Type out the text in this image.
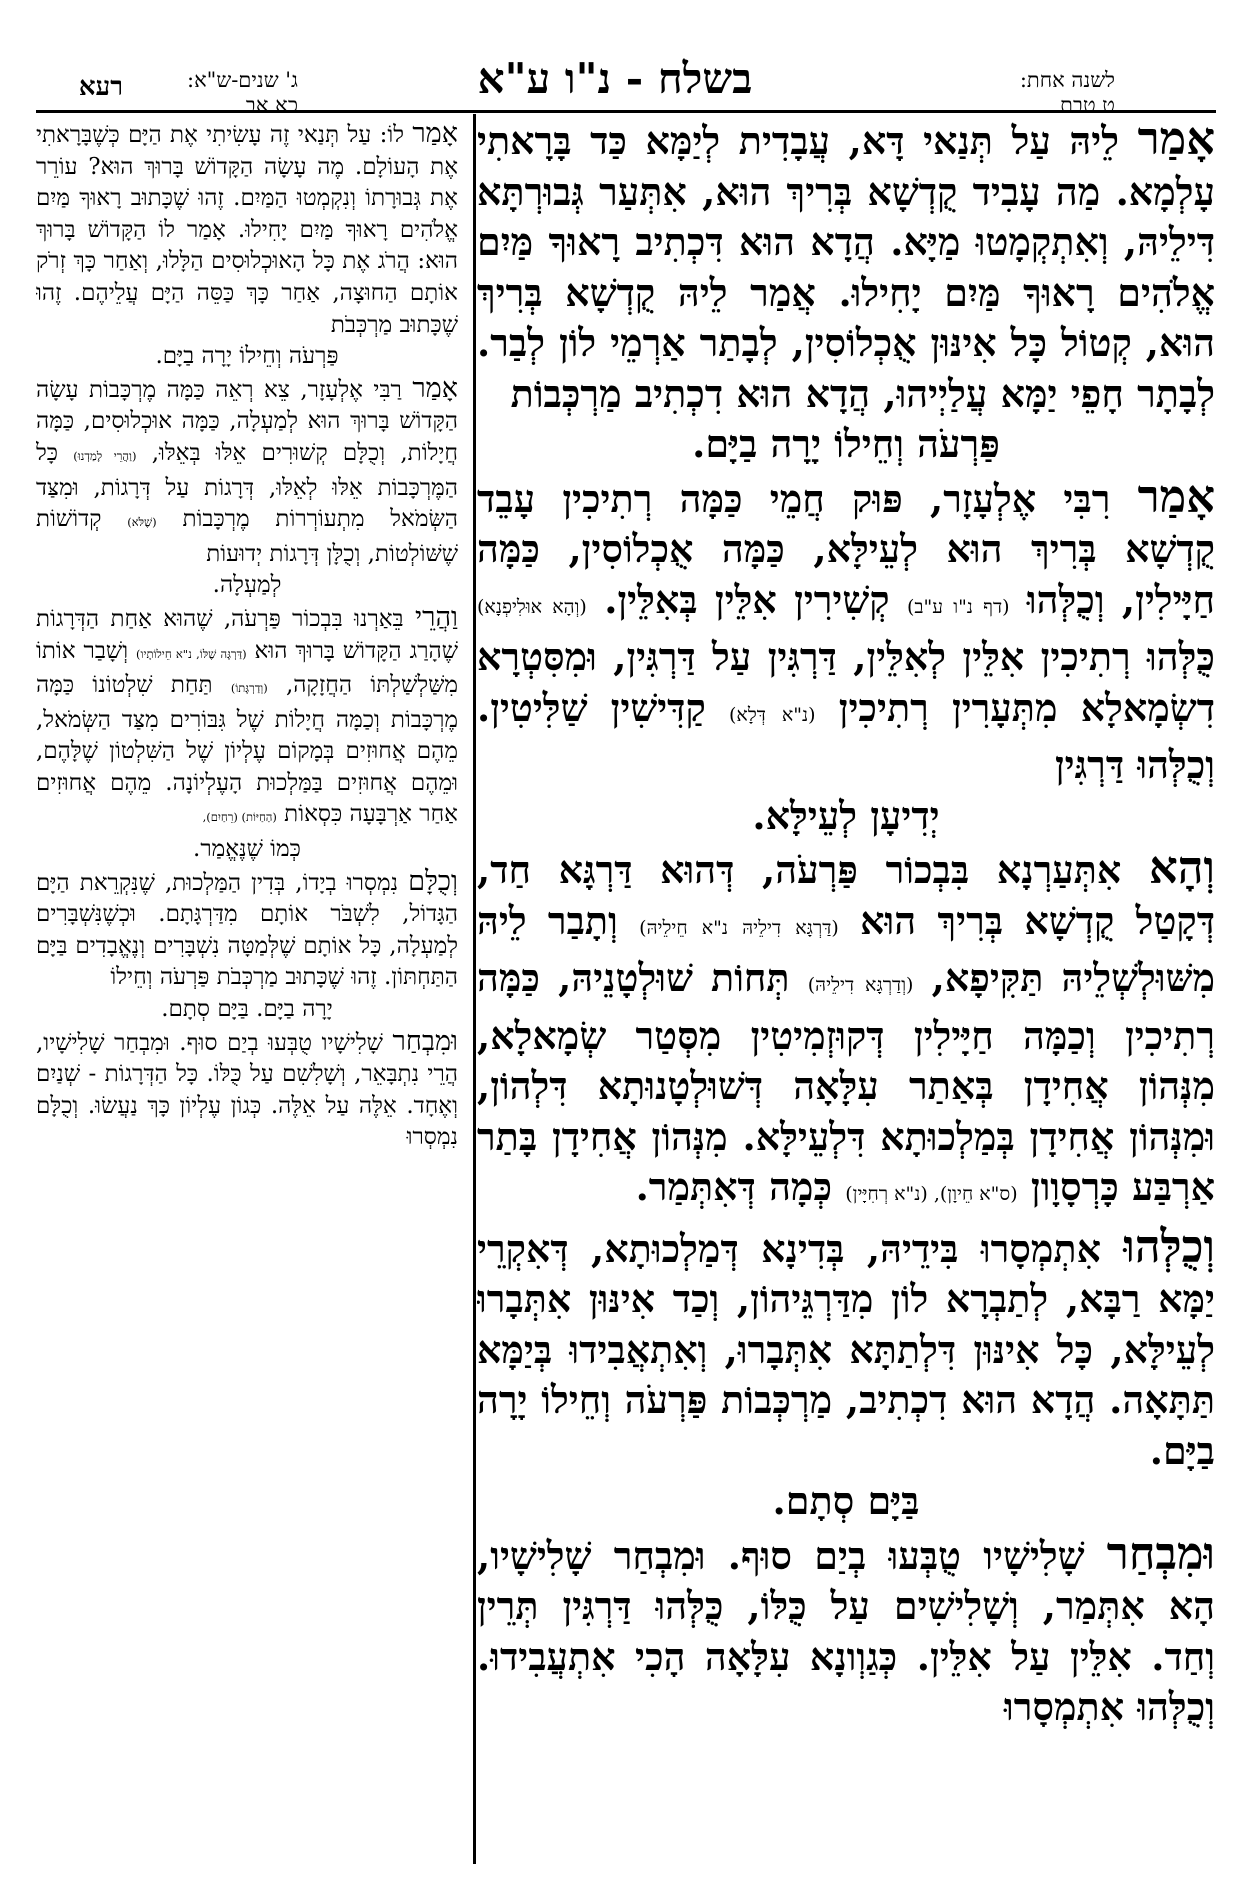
לשנה אחת:
ט טבת
בשלח - נ"ו ע"א
ג' שנים-ש"א:
כא אב
רעא

אָמַר לֵיהּ עַל תְּנַאי דָּא, עֲבָדִית לְיַמָּא כַּד בָּרָאתִי עָלְמָא. מַה עָבִיד קֻדְשָׁא בְּרִיךְ הוּא, אִתְּעַר גְּבוּרְתָּא דִּילֵיהּ, וְאִתְקְמָטוּ מַיָּא. הֲדָא הוּא דִּכְתִיב רָאוּךָ מַּיִם אֱלֹהִים רָאוּךָ מַּיִם יָחִילוּ. אֲמַר לֵיהּ קֻדְשָׁא בְּרִיךְ הוּא, קְטוֹל כָּל אִינּוּן אֻכְלוֹסִין, לְבָתַר אַרְמֵי לוֹן לְבַר. לְבָתָר חָפֵי יַמָּא עֲלַיְיהוּ, הֲדָא הוּא דִכְתִיב מַרְכְּבוֹת
פַּרְעֹה וְחֵילוֹ יָרָה בַיָּם.

אָמַר רִבִּי אֶלְעָזָר, פּוּק חֲמֵי כַּמָּה רְתִיכִין עָבֵד קֻדְשָׁא בְּרִיךְ הוּא לְעֵילָּא, כַּמָּה אֻכְלוֹסִין, כַּמָּה חַיָּילִין, וְכֻלְּהוּ (דף נ"ו ע"ב) קְשִׁירִין אִלֵּין בְּאִלֵּין. (וְהָא אוּלִיפְנָא) כֻּלְּהוּ רְתִיכִין אִלֵּין לְאִלֵּין, דַּרְגִּין עַל דַּרְגִּין, וּמִסִּטְרָא דִשְׂמָאלָא מִתְּעָרִין רְתִיכִין (נ"א דְּלָא) קַדִּישִׁין שַׁלִּיטִין. וְכֻלְּהוּ דַּרְגִּין
יְדִיעָן לְעֵילָּא.

וְהָא אִתְּעַרְנָא בִּבְכוֹר פַּרְעֹה, דְּהוּא דַּרְגָּא חַד, דְּקָטַל קֻדְשָׁא בְּרִיךְ הוּא (דַּרְגָּא דִילֵיהּ נ"א חֵילֵיהּ) וְתָבַר לֵיהּ מִשּׁוּלְשְׁלֵיהּ תַּקִּיפָא, (וְדַרְגָּא דִילֵיהּ) תְּחוֹת שׁוּלְטָנֵיהּ, כַּמָּה רְתִיכִין וְכַמָּה חַיָּילִין דְּקוּזְמִיטִין מִסְּטַר שְׂמָאלָא, מִנְּהוֹן אֲחִידָן בְּאַתַר עִלָּאָה דְּשׁוּלְטָנוּתָא דִּלְהוֹן, וּמִנְּהוֹן אֲחִידָן בְּמַלְכוּתָא דִּלְעֵילָּא. מִנְּהוֹן אֲחִידָן בָּתַר אַרְבַּע כָּרְסָוָון (ס"א חֵיוָן), (נ"א רְחִיָּין) כְּמָה דְּאִתְּמַר.

וְכֻלְּהוּ אִתְמְסָרוּ בִּידֵיהּ, בְּדִינָא דְּמַלְכוּתָא, דְּאִקְרֵי יַמָּא רַבָּא, לְתַבְרָא לוֹן מִדַּרְגֵּיהוֹן, וְכַד אִינּוּן אִתְּבָרוּ לְעֵילָּא, כָּל אִינּוּן דִּלְתַתָּא אִתְּבָרוּ, וְאִתְאֲבִידוּ בְּיַמָּא תַּתָּאָה. הֲדָא הוּא דִכְתִיב, מַרְכְּבוֹת פַּרְעֹה וְחֵילוֹ יָרָה בַיָּם.
בַּיָּם סְתָם.

וּמִבְחַר שָׁלִישָׁיו טֻבְּעוּ בְיַם סוּף. וּמִבְחַר שָׁלִישָׁיו, הָא אִתְּמַר, וְשָׁלִישִׁים עַל כֻּלּוֹ, כֻּלְּהוּ דַּרְגִּין תְּרֵין וְחַד. אִלֵּין עַל אִלֵּין. כְּגַוְונָא עִלָּאָה הָכִי אִתְעֲבִידוּ. וְכֻלְּהוּ אִתְמְסָרוּ

אָמַר לוֹ: עַל תְּנַאי זֶה עָשִׂיתִי אֶת הַיָּם כְּשֶׁבָּרָאתִי אֶת הָעוֹלָם. מֶה עָשָׂה הַקָּדוֹשׁ בָּרוּךְ הוּא? עוֹרֵר אֶת גְּבוּרָתוֹ וְנִקְמְטוּ הַמַּיִם. זֶהוּ שֶׁכָּתוּב רָאוּךָ מַּיִם אֱלֹהִים רָאוּךָ מַּיִם יָחִילוּ. אָמַר לוֹ הַקָּדוֹשׁ בָּרוּךְ הוּא: הֲרֹג אֶת כָּל הָאוּכְלוּסִים הַלָּלוּ, וְאַחַר כָּךְ זְרֹק אוֹתָם הַחוּצָה, אַחַר כָּךְ כַּסֵּה הַיָּם עֲלֵיהֶם. זֶהוּ שֶׁכָּתוּב מַרְכְּבֹת
פַּרְעֹה וְחֵילוֹ יָרָה בַיָּם.

אָמַר רַבִּי אֶלְעָזָר, צֵא רְאֵה כַּמָּה מֶרְכָּבוֹת עָשָׂה הַקָּדוֹשׁ בָּרוּךְ הוּא לְמַעְלָה, כַּמָּה אוּכְלוּסִים, כַּמָּה חֲיָלוֹת, וְכֻלָּם קְשׁוּרִים אֵלּוּ בְּאֵלּוּ, (וַהֲרֵי לָמַדְנוּ) כָּל הַמֶּרְכָּבוֹת אֵלּוּ לְאֵלּוּ, דְּרָגוֹת עַל דְּרָגוֹת, וּמִצַּד הַשְּׂמֹאל מִתְעוֹרְרוֹת מֶרְכָּבוֹת (שֶׁלֹּא) קְדוֹשׁוֹת שֶׁשּׁוֹלְטוֹת, וְכֻלָּן דְּרָגוֹת יְדוּעוֹת
לְמַעְלָה.

וַהֲרֵי בֵּאַרְנוּ בִּבְכוֹר פַּרְעֹה, שֶׁהוּא אַחַת הַדְּרָגוֹת שֶׁהָרַג הַקָּדוֹשׁ בָּרוּךְ הוּא (דַּרְגָּה שֶׁלּוֹ, נ"א חֵילוֹתָיו) וְשָׁבַר אוֹתוֹ מִשַּׁלְשַׁלְתּוֹ הַחֲזָקָה, (וְדַרְגָּתוֹ) תַּחַת שִׁלְטוֹנוֹ כַּמָּה מֶרְכָּבוֹת וְכַמָּה חֲיָלוֹת שֶׁל גִּבּוֹרִים מִצַּד הַשְּׂמֹאל, מֵהֶם אֲחוּזִים בְּמָקוֹם עֶלְיוֹן שֶׁל הַשִּׁלְטוֹן שֶׁלָּהֶם, וּמֵהֶם אֲחוּזִים בַּמַּלְכוּת הָעֶלְיוֹנָה. מֵהֶם אֲחוּזִים אַחַר אַרְבָּעָה כִּסְאוֹת (הַחַיּוֹת) (רֵחַיִם),
כְּמוֹ שֶׁנֶּאֱמַר.

וְכֻלָּם נִמְסְרוּ בְיָדוֹ, בְּדִין הַמַּלְכוּת, שֶׁנִּקְרֵאת הַיָּם הַגָּדוֹל, לִשְׁבֹּר אוֹתָם מִדַּרְגָּתָם. וּכְשֶׁנִּשְׁבָּרִים לְמַעְלָה, כָּל אוֹתָם שֶׁלְּמַטָּה נִשְׁבָּרִים וְנֶאֱבָדִים בַּיָּם הַתַּחְתּוֹן. זֶהוּ שֶׁכָּתוּב מַרְכְּבֹת פַּרְעֹה וְחֵילוֹ
יָרָה בַיָּם. בַּיָּם סְתָם.

וּמִבְחַר שָׁלִישָׁיו טֻבְּעוּ בְיַם סוּף. וּמִבְחַר שָׁלִישָׁיו, הֲרֵי נִתְבָּאֵר, וְשָׁלִשִׁם עַל כֻּלּוֹ. כָּל הַדְּרָגוֹת - שְׁנַיִם וְאֶחָד. אֵלֶּה עַל אֵלֶּה. כְּגוֹן עֶלְיוֹן כָּךְ נַעֲשׂוּ. וְכֻלָּם נִמְסְרוּ
